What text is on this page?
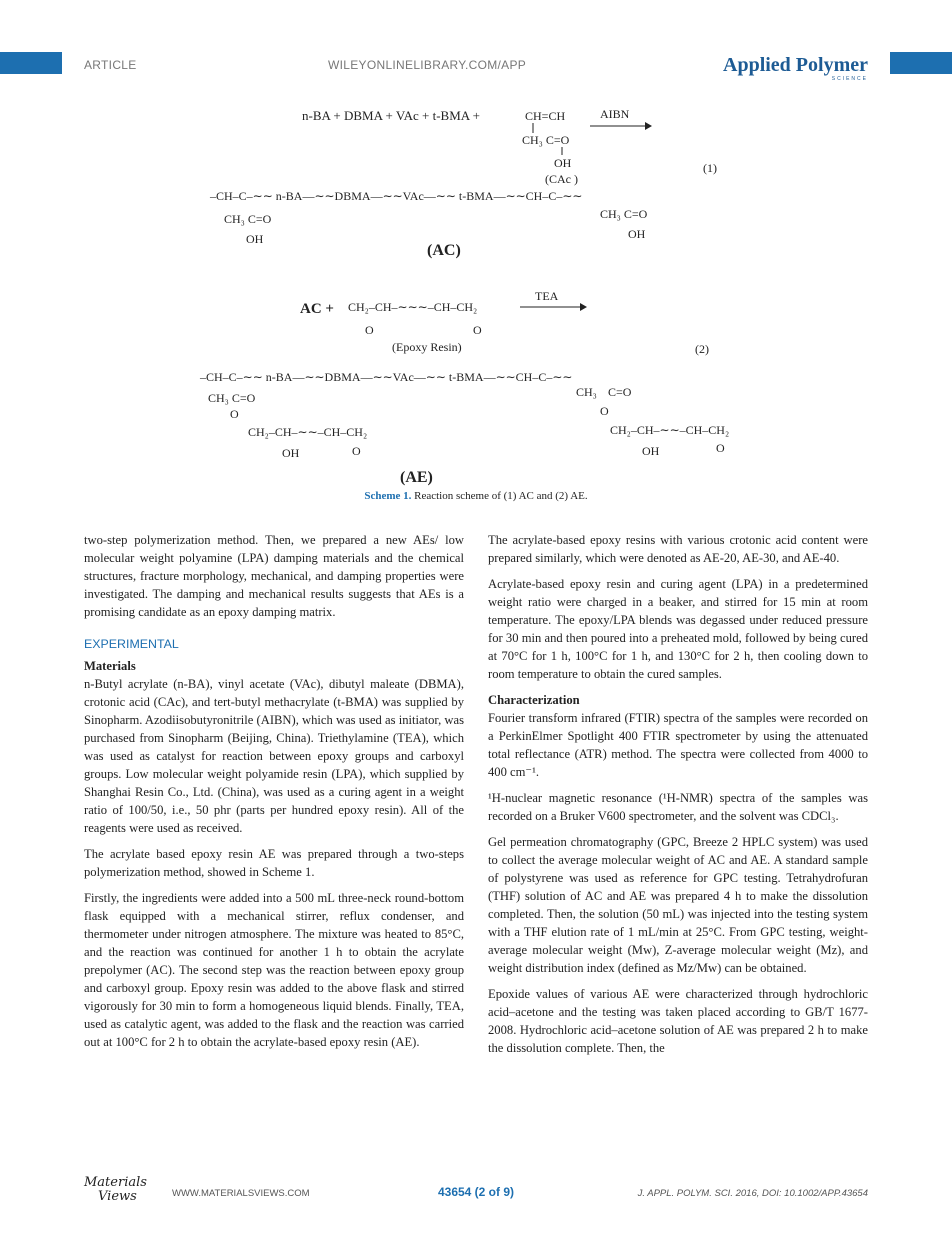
ARTICLE	WILEYONLINELIBRARY.COM/APP	Applied Polymer
SCIENCE
n-BA + DBMA + VAc + t-BMA +	CH=CH
CH₃ C=O
OH
(CAc )
AIBN
(1)
–CH–C–∼∼ n-BA—∼∼DBMA—∼∼VAc—∼∼ t-BMA—∼∼CH–C–∼∼
CH₃ C=O
OH
CH₃ C=O
OH
(AC)
AC + CH₂–CH–∼∼∼–CH–CH₂
O	O
(Epoxy Resin)
TEA
(2)
–CH–C–∼∼ n-BA—∼∼DBMA—∼∼VAc—∼∼ t-BMA—∼∼CH–C–∼∼
CH₃ C=O
O
CH₂–CH–∼∼–CH–CH₂
OH	O
C=O
CH₃
O
CH₂–CH–∼∼–CH–CH₂
OH	O
(AE)
Scheme 1. Reaction scheme of (1) AC and (2) AE.

two-step polymerization method. Then, we prepared a new AEs/ low molecular weight polyamine (LPA) damping materials and the chemical structures, fracture morphology, mechanical, and damping properties were investigated. The damping and mechanical results suggests that AEs is a promising candidate as an epoxy damping matrix.

EXPERIMENTAL
Materials

n-Butyl acrylate (n-BA), vinyl acetate (VAc), dibutyl maleate (DBMA), crotonic acid (CAc), and tert-butyl methacrylate (t-BMA) was supplied by Sinopharm. Azodiisobutyronitrile (AIBN), which was used as initiator, was purchased from Sinopharm (Beijing, China). Triethylamine (TEA), which was used as catalyst for reaction between epoxy groups and carboxyl groups. Low molecular weight polyamide resin (LPA), which supplied by Shanghai Resin Co., Ltd. (China), was used as a curing agent in a weight ratio of 100/50, i.e., 50 phr (parts per hundred epoxy resin). All of the reagents were used as received.

The acrylate based epoxy resin AE was prepared through a two-steps polymerization method, showed in Scheme 1.

Firstly, the ingredients were added into a 500 mL three-neck round-bottom flask equipped with a mechanical stirrer, reflux condenser, and thermometer under nitrogen atmosphere. The mixture was heated to 85°C, and the reaction was continued for another 1 h to obtain the acrylate prepolymer (AC). The second step was the reaction between epoxy group and carboxyl group. Epoxy resin was added to the above flask and stirred vigorously for 30 min to form a homogeneous liquid blends. Finally, TEA, used as catalytic agent, was added to the flask and the reaction was carried out at 100°C for 2 h to obtain the acrylate-based epoxy resin (AE).

The acrylate-based epoxy resins with various crotonic acid content were prepared similarly, which were denoted as AE-20, AE-30, and AE-40.

Acrylate-based epoxy resin and curing agent (LPA) in a predetermined weight ratio were charged in a beaker, and stirred for 15 min at room temperature. The epoxy/LPA blends was degassed under reduced pressure for 30 min and then poured into a preheated mold, followed by being cured at 70°C for 1 h, 100°C for 1 h, and 130°C for 2 h, then cooling down to room temperature to obtain the cured samples.

Characterization

Fourier transform infrared (FTIR) spectra of the samples were recorded on a PerkinElmer Spotlight 400 FTIR spectrometer by using the attenuated total reflectance (ATR) method. The spectra were collected from 4000 to 400 cm⁻¹.

¹H-nuclear magnetic resonance (¹H-NMR) spectra of the samples was recorded on a Bruker V600 spectrometer, and the solvent was CDCl₃.

Gel permeation chromatography (GPC, Breeze 2 HPLC system) was used to collect the average molecular weight of AC and AE. A standard sample of polystyrene was used as reference for GPC testing. Tetrahydrofuran (THF) solution of AC and AE was prepared 4 h to make the dissolution completed. Then, the solution (50 mL) was injected into the testing system with a THF elution rate of 1 mL/min at 25°C. From GPC testing, weight-average molecular weight (Mw), Z-average molecular weight (Mz), and weight distribution index (defined as Mz/Mw) can be obtained.

Epoxide values of various AE were characterized through hydrochloric acid–acetone and the testing was taken placed according to GB/T 1677-2008. Hydrochloric acid–acetone solution of AE was prepared 2 h to make the dissolution complete. Then, the

Materials
Views	WWW.MATERIALSVIEWS.COM	43654 (2 of 9)	J. APPL. POLYM. SCI. 2016, DOI: 10.1002/APP.43654
